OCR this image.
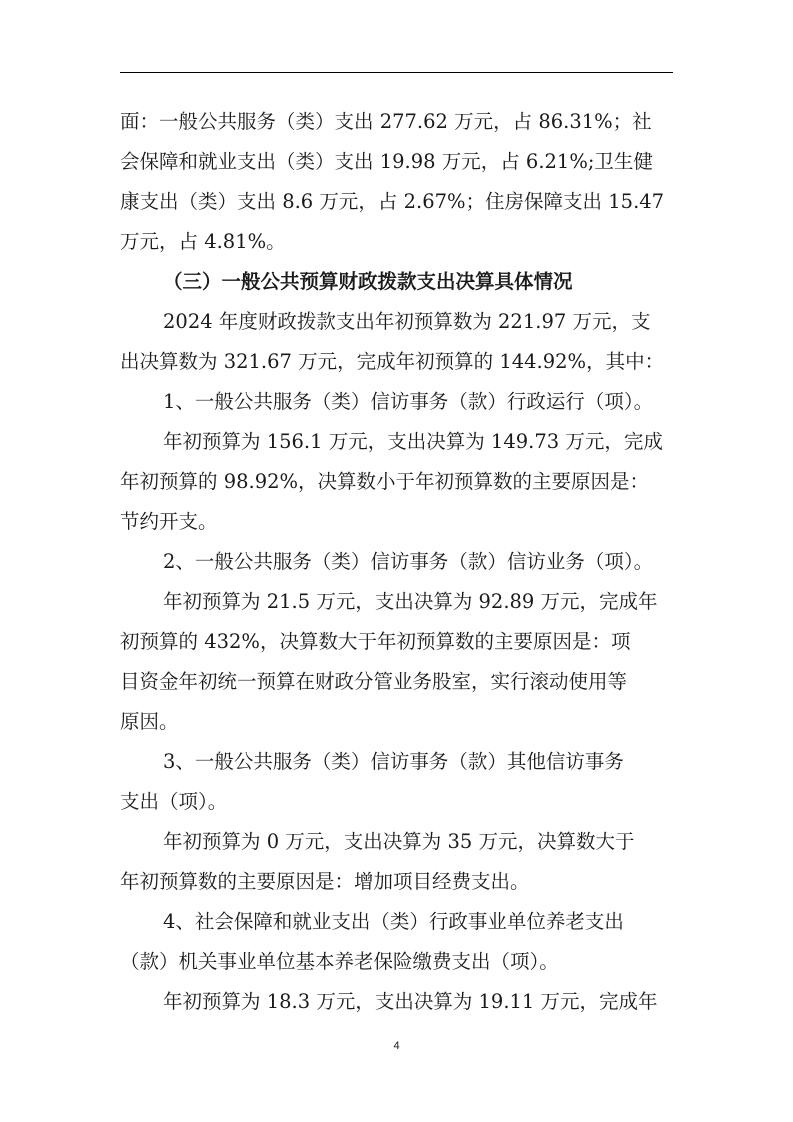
面：一般公共服务（类）支出 277.62 万元，占 86.31%；社
会保障和就业支出（类）支出 19.98 万元，占 6.21%;卫生健
康支出（类）支出 8.6 万元，占 2.67%；住房保障支出 15.47
万元，占 4.81%。
（三）一般公共预算财政拨款支出决算具体情况
2024 年度财政拨款支出年初预算数为 221.97 万元，支
出决算数为 321.67 万元，完成年初预算的 144.92%，其中：
1、一般公共服务（类）信访事务（款）行政运行（项）。
年初预算为 156.1 万元，支出决算为 149.73 万元，完成
年初预算的 98.92%，决算数小于年初预算数的主要原因是：
节约开支。
2、一般公共服务（类）信访事务（款）信访业务（项）。
年初预算为 21.5 万元，支出决算为 92.89 万元，完成年
初预算的 432%，决算数大于年初预算数的主要原因是：项
目资金年初统一预算在财政分管业务股室，实行滚动使用等
原因。
3、一般公共服务（类）信访事务（款）其他信访事务
支出（项）。
年初预算为 0 万元，支出决算为 35 万元，决算数大于
年初预算数的主要原因是：增加项目经费支出。
4、社会保障和就业支出（类）行政事业单位养老支出
（款）机关事业单位基本养老保险缴费支出（项）。
年初预算为 18.3 万元，支出决算为 19.11 万元，完成年
4
